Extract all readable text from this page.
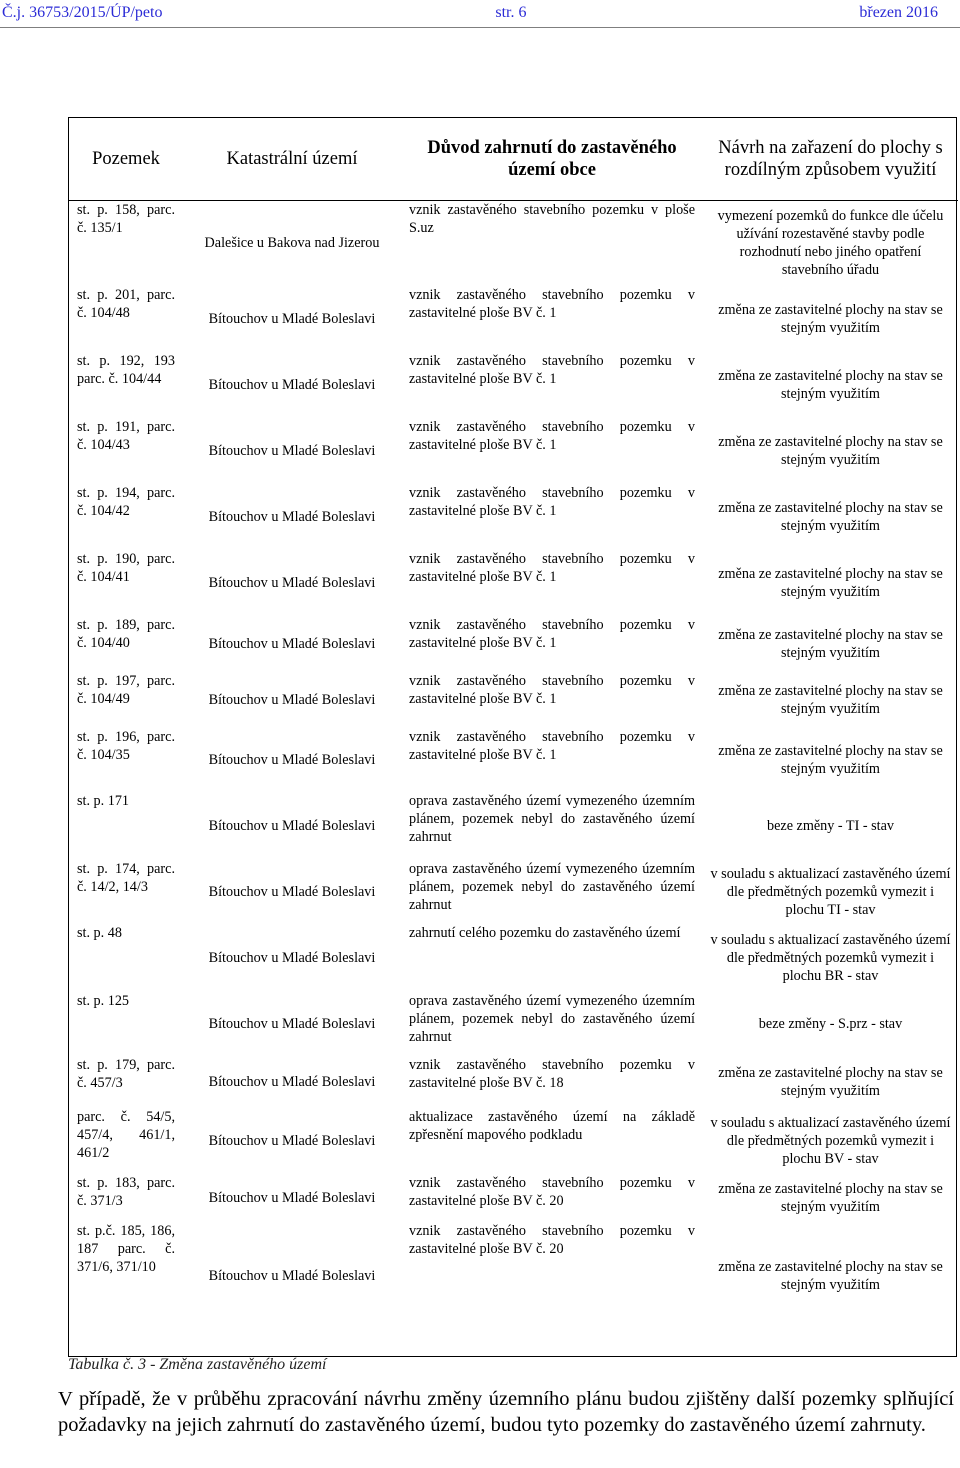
Č.j. 36753/2015/ÚP/peto	str. 6	březen 2016
Pozemek	Katastrální území	Důvod zahrnutí do zastavěného území obce	Návrh na zařazení do plochy s rozdílným způsobem využití
st. p. 158, parc. č. 135/1	Dalešice u Bakova nad Jizerou	vznik zastavěného stavebního pozemku v ploše S.uz	vymezení pozemků do funkce dle účelu užívání rozestavěné stavby podle rozhodnutí nebo jiného opatření stavebního úřadu
st. p. 201, parc. č. 104/48	Bítouchov u Mladé Boleslavi	vznik zastavěného stavebního pozemku v zastavitelné ploše BV č. 1	změna ze zastavitelné plochy na stav se stejným využitím
st. p. 192, 193 parc. č. 104/44	Bítouchov u Mladé Boleslavi	vznik zastavěného stavebního pozemku v zastavitelné ploše BV č. 1	změna ze zastavitelné plochy na stav se stejným využitím
st. p. 191, parc. č. 104/43	Bítouchov u Mladé Boleslavi	vznik zastavěného stavebního pozemku v zastavitelné ploše BV č. 1	změna ze zastavitelné plochy na stav se stejným využitím
st. p. 194, parc. č. 104/42	Bítouchov u Mladé Boleslavi	vznik zastavěného stavebního pozemku v zastavitelné ploše BV č. 1	změna ze zastavitelné plochy na stav se stejným využitím
st. p. 190, parc. č. 104/41	Bítouchov u Mladé Boleslavi	vznik zastavěného stavebního pozemku v zastavitelné ploše BV č. 1	změna ze zastavitelné plochy na stav se stejným využitím
st. p. 189, parc. č. 104/40	Bítouchov u Mladé Boleslavi	vznik zastavěného stavebního pozemku v zastavitelné ploše BV č. 1	změna ze zastavitelné plochy na stav se stejným využitím
st. p. 197, parc. č. 104/49	Bítouchov u Mladé Boleslavi	vznik zastavěného stavebního pozemku v zastavitelné ploše BV č. 1	změna ze zastavitelné plochy na stav se stejným využitím
st. p. 196, parc. č. 104/35	Bítouchov u Mladé Boleslavi	vznik zastavěného stavebního pozemku v zastavitelné ploše BV č. 1	změna ze zastavitelné plochy na stav se stejným využitím
st. p. 171	Bítouchov u Mladé Boleslavi	oprava zastavěného území vymezeného územním plánem, pozemek nebyl do zastavěného území zahrnut	beze změny - TI - stav
st. p. 174, parc. č. 14/2, 14/3	Bítouchov u Mladé Boleslavi	oprava zastavěného území vymezeného územním plánem, pozemek nebyl do zastavěného území zahrnut	v souladu s aktualizací zastavěného území dle předmětných pozemků vymezit i plochu TI - stav
st. p. 48	Bítouchov u Mladé Boleslavi	zahrnutí celého pozemku do zastavěného území	v souladu s aktualizací zastavěného území dle předmětných pozemků vymezit i plochu BR - stav
st. p. 125	Bítouchov u Mladé Boleslavi	oprava zastavěného území vymezeného územním plánem, pozemek nebyl do zastavěného území zahrnut	beze změny - S.prz - stav
st. p. 179, parc. č. 457/3	Bítouchov u Mladé Boleslavi	vznik zastavěného stavebního pozemku v zastavitelné ploše BV č. 18	změna ze zastavitelné plochy na stav se stejným využitím
parc. č. 54/5, 457/4, 461/1, 461/2	Bítouchov u Mladé Boleslavi	aktualizace zastavěného území na základě zpřesnění mapového podkladu	v souladu s aktualizací zastavěného území dle předmětných pozemků vymezit i plochu BV - stav
st. p. 183, parc. č. 371/3	Bítouchov u Mladé Boleslavi	vznik zastavěného stavebního pozemku v zastavitelné ploše BV č. 20	změna ze zastavitelné plochy na stav se stejným využitím
st. p.č. 185, 186, 187 parc. č. 371/6, 371/10	Bítouchov u Mladé Boleslavi	vznik zastavěného stavebního pozemku v zastavitelné ploše BV č. 20	změna ze zastavitelné plochy na stav se stejným využitím
Tabulka č. 3 - Změna zastavěného území
V případě, že v průběhu zpracování návrhu změny územního plánu budou zjištěny další pozemky splňující požadavky na jejich zahrnutí do zastavěného území, budou tyto pozemky do zastavěného území zahrnuty.
